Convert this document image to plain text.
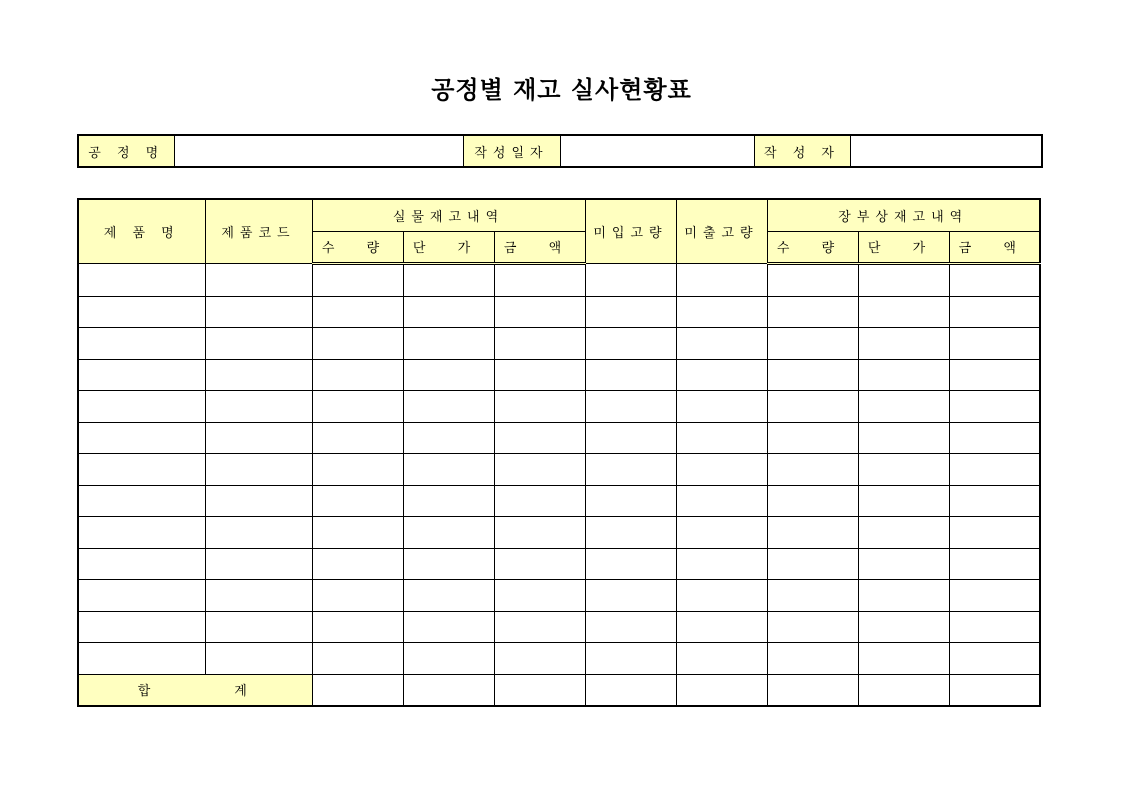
공정별 재고 실사현황표
공 정 명		작성일자		작 성 자	
제 품 명	제품코드	실물재고내역			미입고량	미출고량	장부상재고내역		
		수 량	단 가	금 액			수 량	단 가	금 액

합 계									
